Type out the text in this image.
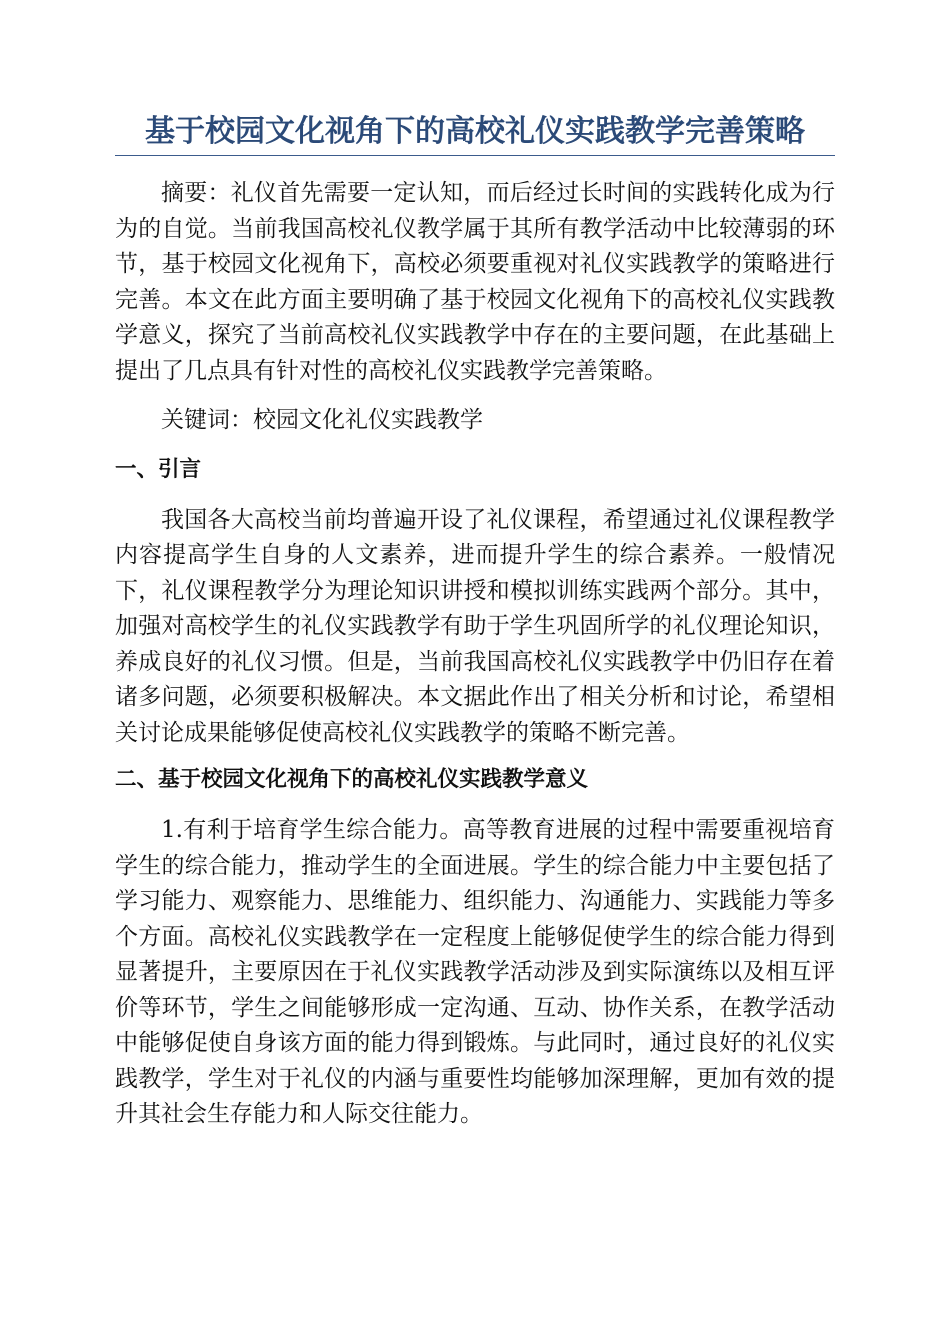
基于校园文化视角下的高校礼仪实践教学完善策略

摘要：礼仪首先需要一定认知，而后经过长时间的实践转化成为行为的自觉。当前我国高校礼仪教学属于其所有教学活动中比较薄弱的环节，基于校园文化视角下，高校必须要重视对礼仪实践教学的策略进行完善。本文在此方面主要明确了基于校园文化视角下的高校礼仪实践教学意义，探究了当前高校礼仪实践教学中存在的主要问题，在此基础上提出了几点具有针对性的高校礼仪实践教学完善策略。

关键词：校园文化礼仪实践教学

一、引言

我国各大高校当前均普遍开设了礼仪课程，希望通过礼仪课程教学内容提高学生自身的人文素养，进而提升学生的综合素养。一般情况下，礼仪课程教学分为理论知识讲授和模拟训练实践两个部分。其中，加强对高校学生的礼仪实践教学有助于学生巩固所学的礼仪理论知识，养成良好的礼仪习惯。但是，当前我国高校礼仪实践教学中仍旧存在着诸多问题，必须要积极解决。本文据此作出了相关分析和讨论，希望相关讨论成果能够促使高校礼仪实践教学的策略不断完善。

二、基于校园文化视角下的高校礼仪实践教学意义

1.有利于培育学生综合能力。高等教育进展的过程中需要重视培育学生的综合能力，推动学生的全面进展。学生的综合能力中主要包括了学习能力、观察能力、思维能力、组织能力、沟通能力、实践能力等多个方面。高校礼仪实践教学在一定程度上能够促使学生的综合能力得到显著提升，主要原因在于礼仪实践教学活动涉及到实际演练以及相互评价等环节，学生之间能够形成一定沟通、互动、协作关系，在教学活动中能够促使自身该方面的能力得到锻炼。与此同时，通过良好的礼仪实践教学，学生对于礼仪的内涵与重要性均能够加深理解，更加有效的提升其社会生存能力和人际交往能力。
